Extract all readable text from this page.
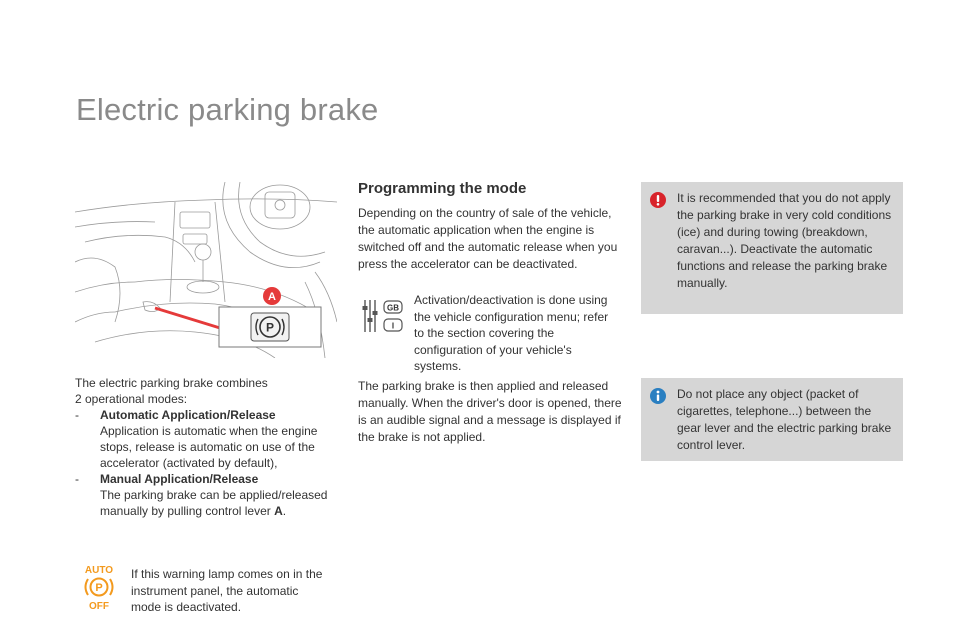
Electric parking brake
P
A

The electric parking brake combines

2 operational modes:

-	Automatic Application/Release
Application is automatic when the engine stops, release is automatic on use of the accelerator (activated by default),
-	Manual Application/Release
The parking brake can be applied/released manually by pulling control lever A.
AUTO
P
OFF
If this warning lamp comes on in the instrument panel, the automatic mode is deactivated.
Programming the mode
Depending on the country of sale of the vehicle, the automatic application when the engine is switched off and the automatic release when you press the accelerator can be deactivated.
GB
I
Activation/deactivation is done using the vehicle configuration menu; refer to the section covering the configuration of your vehicle's systems.
The parking brake is then applied and released manually. When the driver's door is opened, there is an audible signal and a message is displayed if the brake is not applied.
It is recommended that you do not apply the parking brake in very cold conditions (ice) and during towing (breakdown, caravan...). Deactivate the automatic functions and release the parking brake manually.
Do not place any object (packet of cigarettes, telephone...) between the gear lever and the electric parking brake control lever.
